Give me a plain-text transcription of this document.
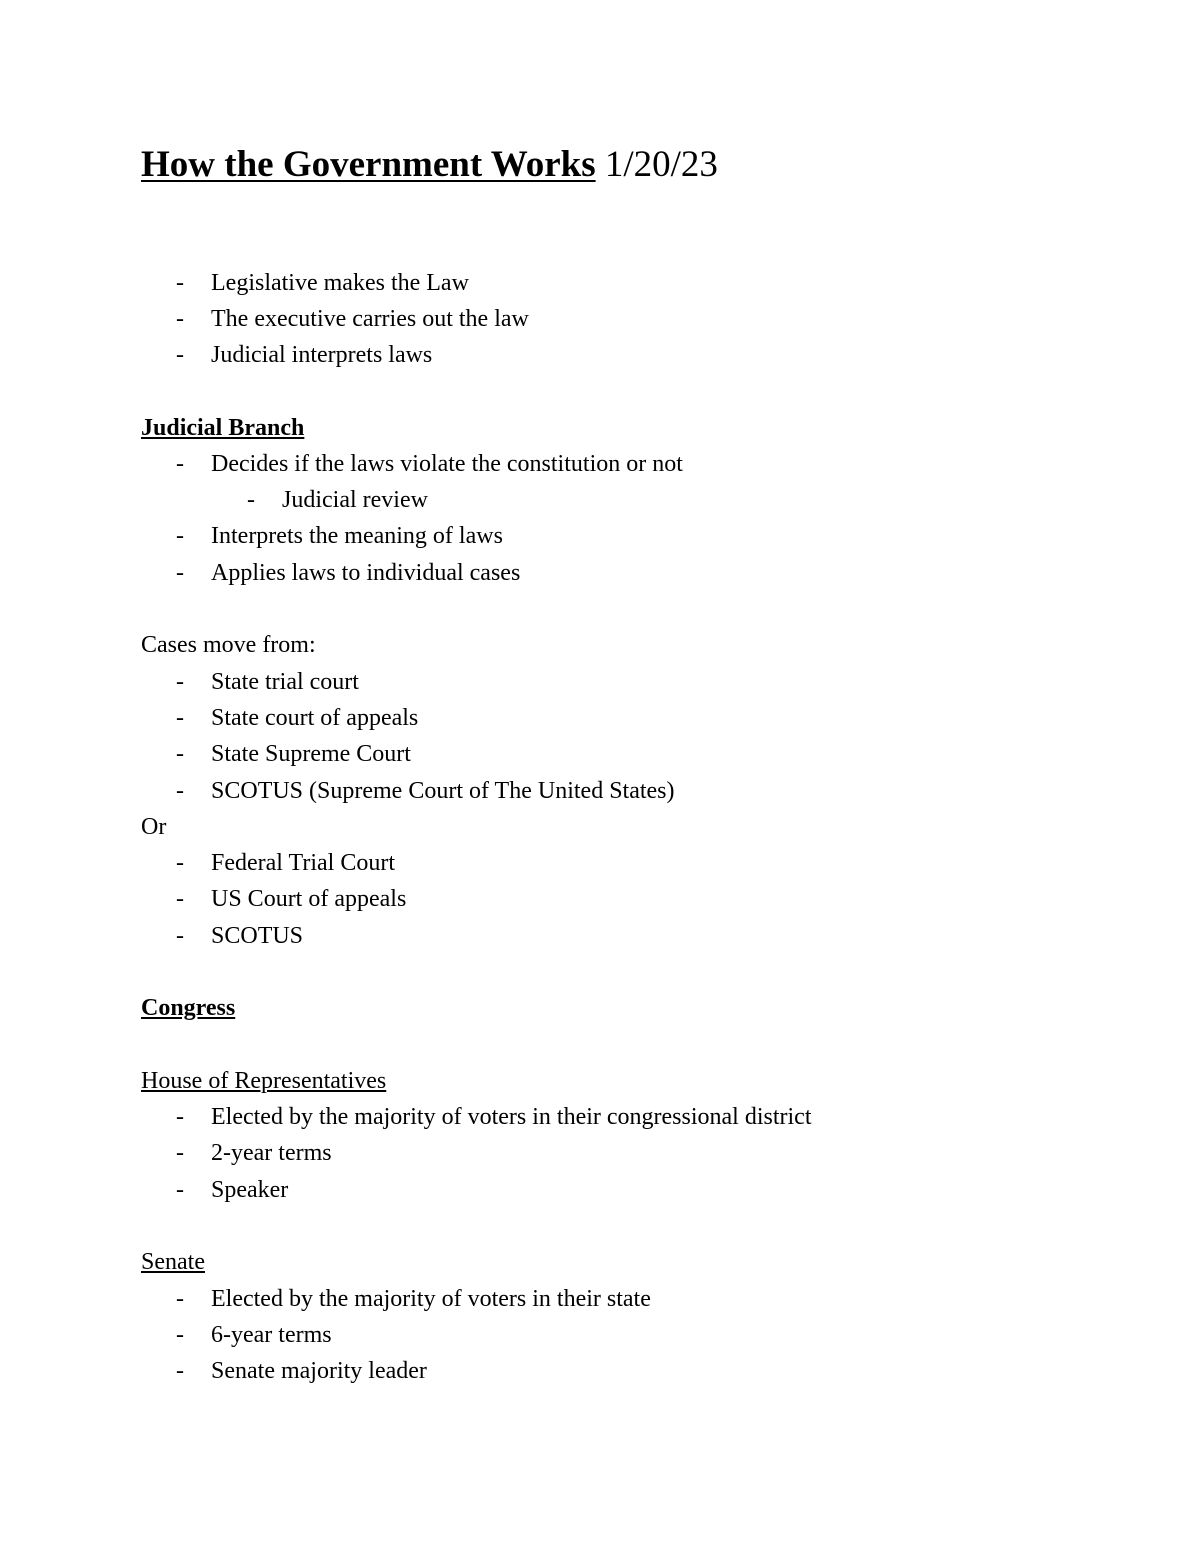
How the Government Works 1/20/23
- Legislative makes the Law
- The executive carries out the law
- Judicial interprets laws
Judicial Branch
- Decides if the laws violate the constitution or not
- Judicial review
- Interprets the meaning of laws
- Applies laws to individual cases
Cases move from:
- State trial court
- State court of appeals
- State Supreme Court
- SCOTUS (Supreme Court of The United States)
Or
- Federal Trial Court
- US Court of appeals
- SCOTUS
Congress
House of Representatives
- Elected by the majority of voters in their congressional district
- 2-year terms
- Speaker
Senate
- Elected by the majority of voters in their state
- 6-year terms
- Senate majority leader
